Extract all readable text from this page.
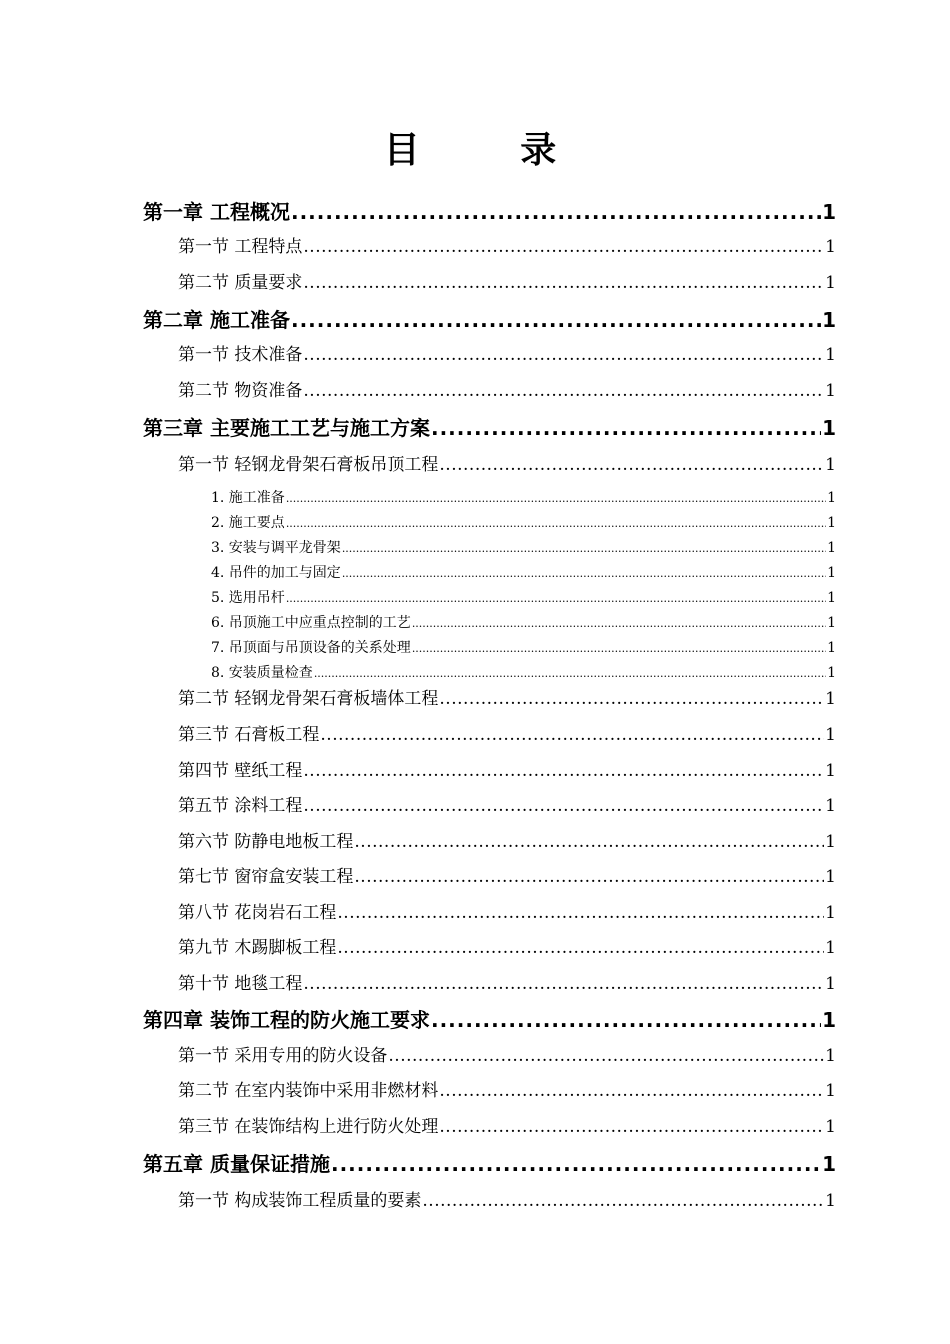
目 录
第一章 工程概况 .....	1
第一节 工程特点 .....	1
第二节 质量要求 .....	1
第二章 施工准备 .....	1
第一节 技术准备 .....	1
第二节 物资准备 .....	1
第三章 主要施工工艺与施工方案 .....	1
第一节 轻钢龙骨架石膏板吊顶工程 .....	1
1. 施工准备 .....	1
2. 施工要点 .....	1
3. 安装与调平龙骨架 .....	1
4. 吊件的加工与固定 .....	1
5. 选用吊杆 .....	1
6. 吊顶施工中应重点控制的工艺 .....	1
7. 吊顶面与吊顶设备的关系处理 .....	1
8. 安装质量检查 .....	1
第二节 轻钢龙骨架石膏板墙体工程 .....	1
第三节 石膏板工程 .....	1
第四节 壁纸工程 .....	1
第五节 涂料工程 .....	1
第六节 防静电地板工程 .....	1
第七节 窗帘盒安装工程 .....	1
第八节 花岗岩石工程 .....	1
第九节 木踢脚板工程 .....	1
第十节 地毯工程 .....	1
第四章 装饰工程的防火施工要求 .....	1
第一节 采用专用的防火设备 .....	1
第二节 在室内装饰中采用非燃材料 .....	1
第三节 在装饰结构上进行防火处理 .....	1
第五章 质量保证措施 .....	1
第一节 构成装饰工程质量的要素 .....	1
